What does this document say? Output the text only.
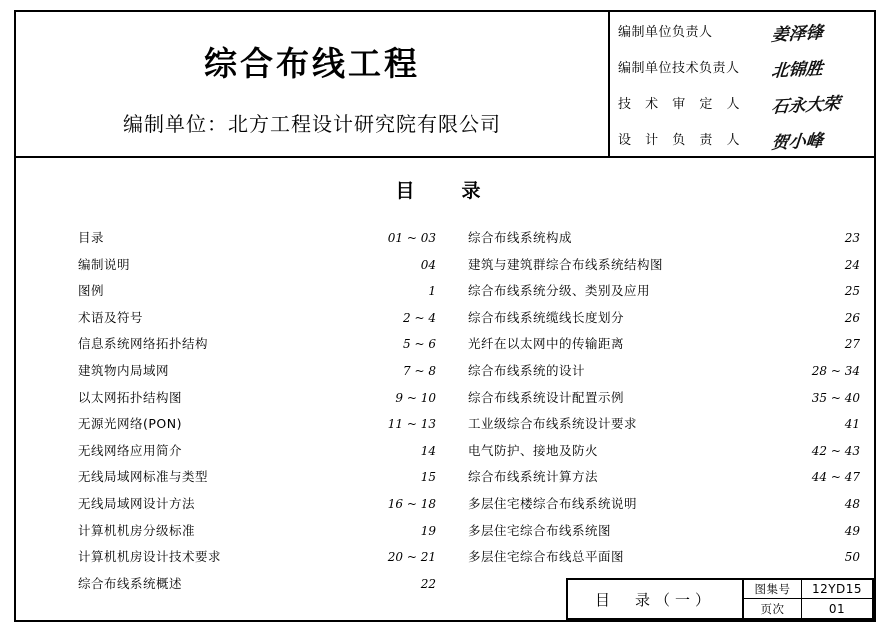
综合布线工程
编制单位：北方工程设计研究院有限公司
编制单位负责人	姜泽锋
编制单位技术负责人	北锦胜
技 术 审 定 人	石永大荣
设 计 负 责 人	贺小峰
目　录
目录	01 ~ 03
编制说明	04
图例	1
术语及符号	2 ~ 4
信息系统网络拓扑结构	5 ~ 6
建筑物内局域网	7 ~ 8
以太网拓扑结构图	9 ~ 10
无源光网络(PON)	11 ~ 13
无线网络应用简介	14
无线局域网标准与类型	15
无线局域网设计方法	16 ~ 18
计算机机房分级标准	19
计算机机房设计技术要求	20 ~ 21
综合布线系统概述	22
综合布线系统构成	23
建筑与建筑群综合布线系统结构图	24
综合布线系统分级、类别及应用	25
综合布线系统缆线长度划分	26
光纤在以太网中的传输距离	27
综合布线系统的设计	28 ~ 34
综合布线系统设计配置示例	35 ~ 40
工业级综合布线系统设计要求	41
电气防护、接地及防火	42 ~ 43
综合布线系统计算方法	44 ~ 47
多层住宅楼综合布线系统说明	48
多层住宅综合布线系统图	49
多层住宅综合布线总平面图	50
目　录（一）
图集号	12YD15
页次	01
